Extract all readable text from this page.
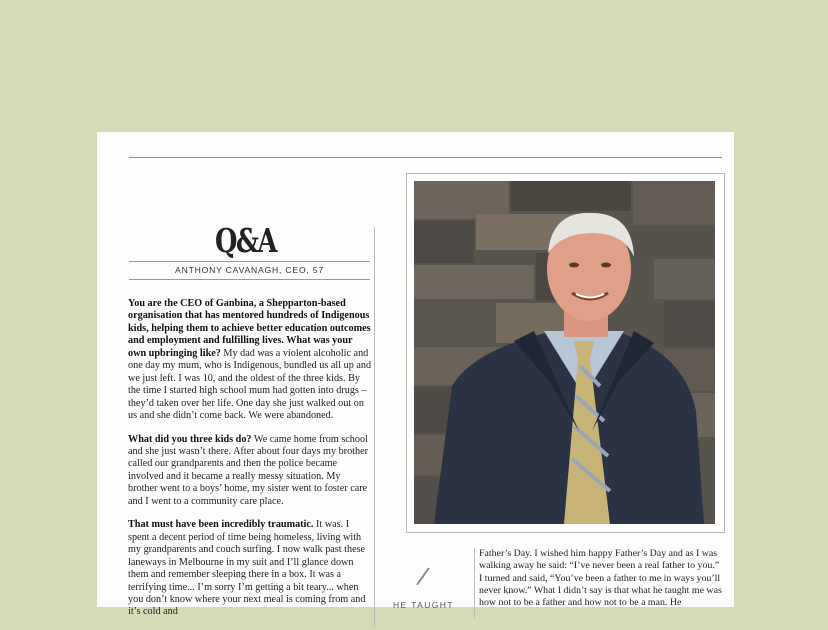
Q&A
ANTHONY CAVANAGH, CEO, 57

You are the CEO of Ganbina, a Shepparton-based organisation that has mentored hundreds of Indigenous kids, helping them to achieve better education outcomes and employment and fulfilling lives. What was your own upbringing like? My dad was a violent alcoholic and one day my mum, who is Indigenous, bundled us all up and we just left. I was 10, and the oldest of the three kids. By the time I started high school mum had gotten into drugs – they’d taken over her life. One day she just walked out on us and she didn’t come back. We were abandoned.

What did you three kids do? We came home from school and she just wasn’t there. After about four days my brother called our grandparents and then the police became involved and it became a really messy situation. My brother went to a boys’ home, my sister went to foster care and I went to a community care place.

That must have been incredibly traumatic. It was. I spent a decent period of time being homeless, living with my grandparents and couch surfing. I now walk past these laneways in Melbourne in my suit and I’ll glance down them and remember sleeping there in a box. It was a terrifying time... I’m sorry I’m getting a bit teary... when you don’t know where your next meal is coming from and it’s cold and

/
HE TAUGHT

Father’s Day. I wished him happy Father’s Day and as I was walking away he said: “I’ve never been a real father to you.” I turned and said, “You’ve been a father to me in ways you’ll never know.” What I didn’t say is that what he taught me was how not to be a father and how not to be a man. He
